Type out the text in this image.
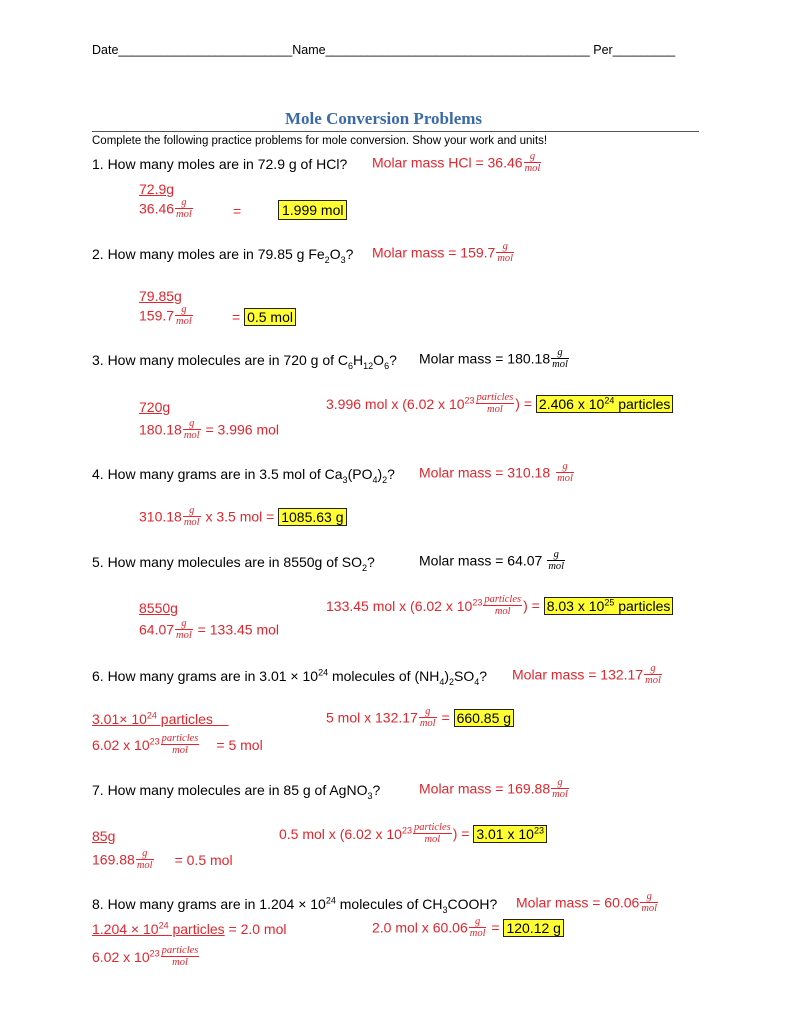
Date_________________________Name______________________________________ Per_________
Mole Conversion Problems
Complete the following practice problems for mole conversion. Show your work and units!
1. How many moles are in 72.9 g of HCl? Molar mass HCl = $36.46 \frac{g}{\text{mol}}$
72.9g
$36.46 \frac{g}{\text{mol}}$	=	1.999 mol
2. How many moles are in 79.85 g $Fe_2O_3$? Molar mass = $159.7 \frac{g}{\text{mol}}$
79.85g
$159.7 \frac{g}{\text{mol}}$	= 0.5 mol
3. How many molecules are in 720 g of $C_6H_{12}O_6$? Molar mass = $180.18 \frac{g}{\text{mol}}$
720g
$180.18 \frac{g}{\text{mol}} = 3.996$ mol
3.996 mol x (6.02 x $10^{23} \frac{\text{particles}}{\text{mol}}$ ) = 2.406 x $10^{24}$ particles
4. How many grams are in 3.5 mol of $Ca_3(PO_4)_2$? Molar mass = $310.18 \frac{g}{\text{mol}}$
$310.18 \frac{g}{\text{mol}}$ x 3.5 mol = 1085.63 g
5. How many molecules are in 8550g of $SO_2$?	Molar mass = $64.07 \frac{g}{\text{mol}}$
8550g
$64.07 \frac{g}{\text{mol}} = 133.45$ mol
133.45 mol x (6.02 x $10^{23} \frac{\text{particles}}{\text{mol}}$ ) = 8.03 x $10^{25}$ particles
6. How many grams are in $3.01 \times 10^{24}$ molecules of $(NH_4)_2SO_4$? Molar mass = $132.17 \frac{g}{\text{mol}}$
$3.01\times 10^{24}$ particles
6.02 x $10^{23} \frac{\text{particles}}{\text{mol}} = 5$ mol
5 mol x $132.17 \frac{g}{\text{mol}} = 660.85$ g
7. How many molecules are in 85 g of AgNO$_3$?	Molar mass = $169.88 \frac{g}{\text{mol}}$
85g
$169.88 \frac{g}{\text{mol}} = 0.5$ mol
0.5 mol x (6.02 x $10^{23} \frac{\text{particles}}{\text{mol}}$ ) = 3.01 x $10^{23}$
8. How many grams are in $1.204 \times 10^{24}$ molecules of $CH_3COOH$? Molar mass = $60.06 \frac{g}{\text{mol}}$
$1.204 \times 10^{24}$ particles = 2.0 mol
6.02 x $10^{23} \frac{\text{particles}}{\text{mol}}$
2.0 mol x $60.06 \frac{g}{\text{mol}} = 120.12$ g
